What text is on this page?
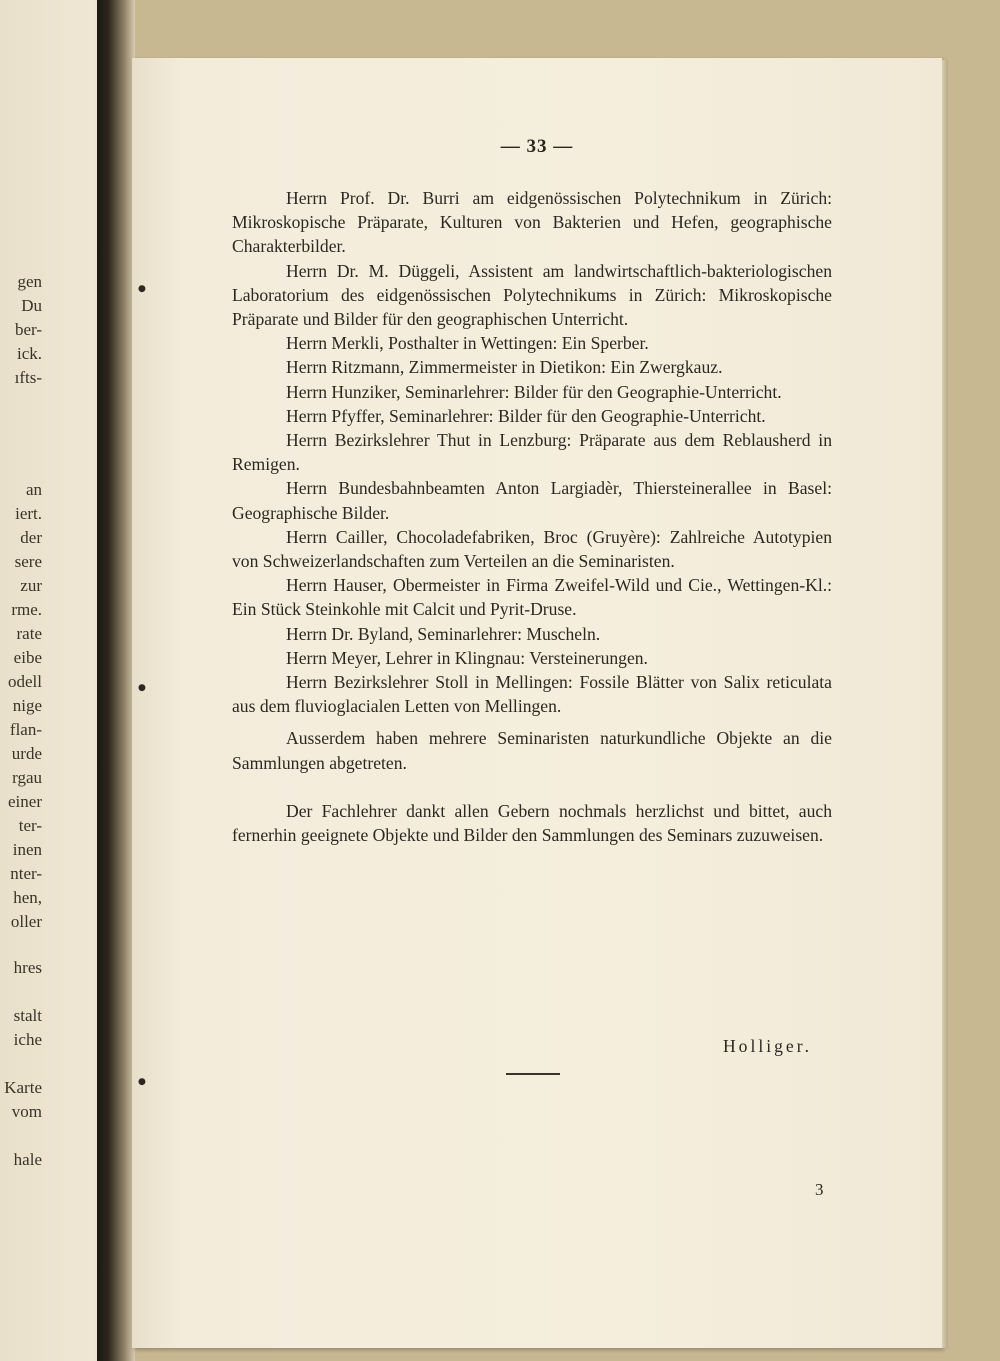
gen
Du
ber-
ick.
ıfts-
an
iert.
der
sere
zur
rme.
rate
eibe
odell
nige
flan-
urde
rgau
einer
ter-
inen
nter-
hen,
oller
hres
stalt
iche
Karte
vom
hale
— 33 —

Herrn Prof. Dr. Burri am eidgenössischen Polytechnikum in Zürich: Mikroskopische Präparate, Kulturen von Bakterien und Hefen, geographische Charakterbilder.

Herrn Dr. M. Düggeli, Assistent am landwirtschaftlich-bakteriologischen Laboratorium des eidgenössischen Polytechnikums in Zürich: Mikroskopische Präparate und Bilder für den geographischen Unterricht.

Herrn Merkli, Posthalter in Wettingen: Ein Sperber.

Herrn Ritzmann, Zimmermeister in Dietikon: Ein Zwergkauz.

Herrn Hunziker, Seminarlehrer: Bilder für den Geographie-Unterricht.

Herrn Pfyffer, Seminarlehrer: Bilder für den Geographie-Unterricht.

Herrn Bezirkslehrer Thut in Lenzburg: Präparate aus dem Reblausherd in Remigen.

Herrn Bundesbahnbeamten Anton Largiadèr, Thiersteinerallee in Basel: Geographische Bilder.

Herrn Cailler, Chocoladefabriken, Broc (Gruyère): Zahlreiche Autotypien von Schweizerlandschaften zum Verteilen an die Seminaristen.

Herrn Hauser, Obermeister in Firma Zweifel-Wild und Cie., Wettingen-Kl.: Ein Stück Steinkohle mit Calcit und Pyrit-Druse.

Herrn Dr. Byland, Seminarlehrer: Muscheln.

Herrn Meyer, Lehrer in Klingnau: Versteinerungen.

Herrn Bezirkslehrer Stoll in Mellingen: Fossile Blätter von Salix reticulata aus dem fluvioglacialen Letten von Mellingen.

Ausserdem haben mehrere Seminaristen naturkundliche Objekte an die Sammlungen abgetreten.

Der Fachlehrer dankt allen Gebern nochmals herzlichst und bittet, auch fernerhin geeignete Objekte und Bilder den Sammlungen des Seminars zuzuweisen.

Holliger.
3
●
●
●
